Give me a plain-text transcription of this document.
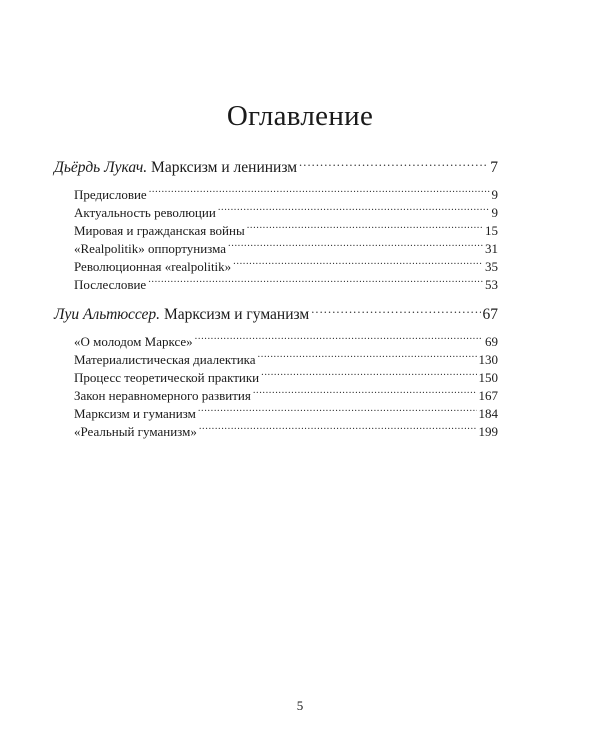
Оглавление
Дьёрдь Лукач. Марксизм и ленинизм . . .	7
Предисловие . . .	9
Актуальность революции . . .	9
Мировая и гражданская войны . . .	15
«Realpolitik» оппортунизма . . .	31
Революционная «realpolitik» . . .	35
Послесловие . . .	53
Луи Альтюссер. Марксизм и гуманизм . . .	67
«О молодом Марксе» . . .	69
Материалистическая диалектика . . .	130
Процесс теоретической практики . . .	150
Закон неравномерного развития . . .	167
Марксизм и гуманизм . . .	184
«Реальный гуманизм» . . .	199
5
